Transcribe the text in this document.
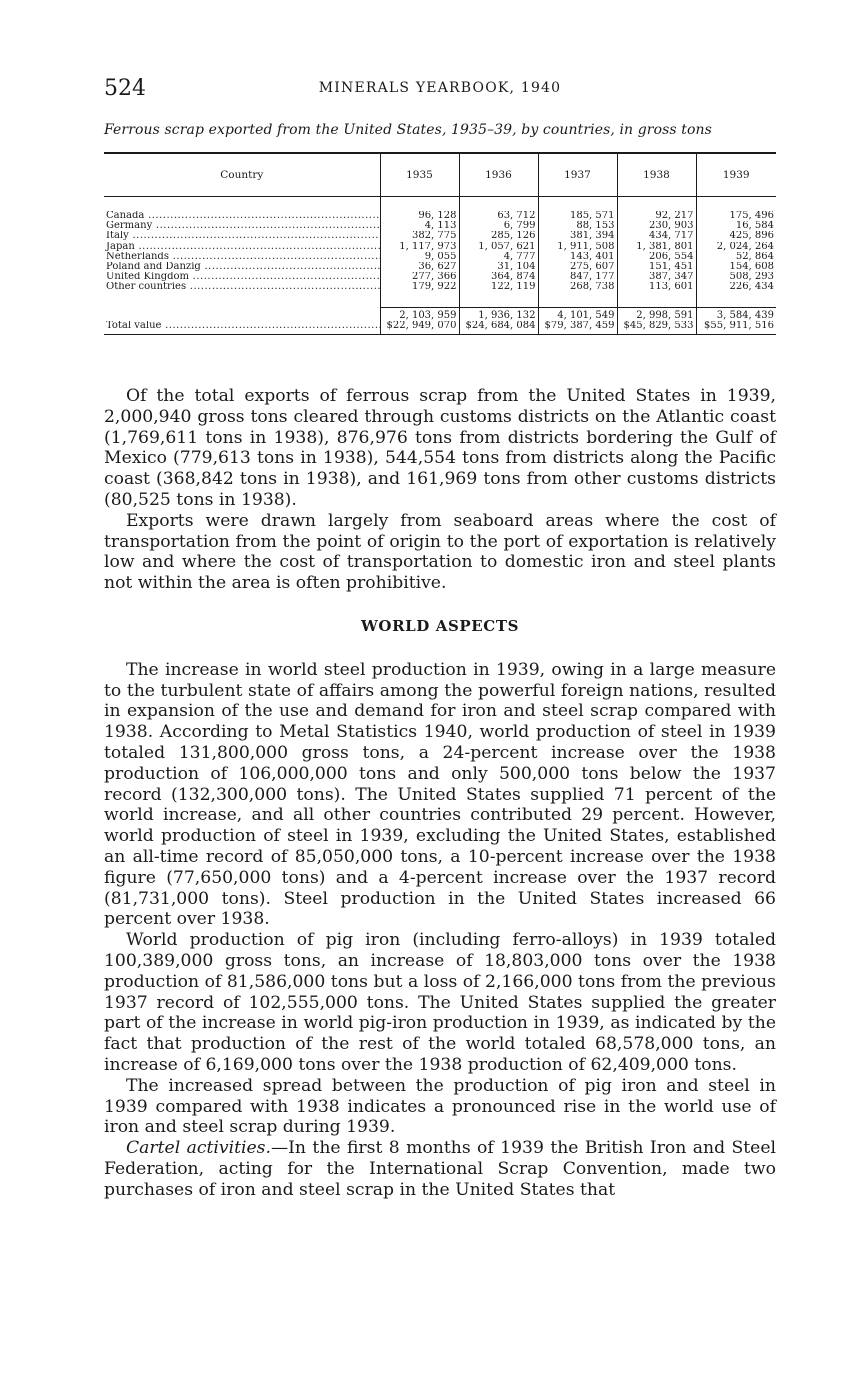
524	MINERALS YEARBOOK, 1940
Ferrous scrap exported from the United States, 1935–39, by countries, in gross tons
Country	1935	1936	1937	1938	1939

Canada .....	96, 128	63, 712	185, 571	92, 217	175, 496
Germany .....	4, 113	6, 799	88, 153	230, 903	16, 584
Italy .....	382, 775	285, 126	381, 394	434, 717	425, 896
Japan .....	1, 117, 973	1, 057, 621	1, 911, 508	1, 381, 801	2, 024, 264
Netherlands .....	9, 055	4, 777	143, 401	206, 554	52, 864
Poland and Danzig .....	36, 627	31, 104	275, 607	151, 451	154, 608
United Kingdom .....	277, 366	364, 874	847, 177	387, 347	508, 293
Other countries .....	179, 922	122, 119	268, 738	113, 601	226, 434

	2, 103, 959	1, 936, 132	4, 101, 549	2, 998, 591	3, 584, 439
Total value .....	$22, 949, 070	$24, 684, 084	$79, 387, 459	$45, 829, 533	$55, 911, 516

Of the total exports of ferrous scrap from the United States in 1939, 2,000,940 gross tons cleared through customs districts on the Atlantic coast (1,769,611 tons in 1938), 876,976 tons from districts bordering the Gulf of Mexico (779,613 tons in 1938), 544,554 tons from districts along the Pacific coast (368,842 tons in 1938), and 161,969 tons from other customs districts (80,525 tons in 1938).

Exports were drawn largely from seaboard areas where the cost of transportation from the point of origin to the port of exportation is relatively low and where the cost of transportation to domestic iron and steel plants not within the area is often prohibitive.

WORLD ASPECTS

The increase in world steel production in 1939, owing in a large measure to the turbulent state of affairs among the powerful foreign nations, resulted in expansion of the use and demand for iron and steel scrap compared with 1938. According to Metal Statistics 1940, world production of steel in 1939 totaled 131,800,000 gross tons, a 24-percent increase over the 1938 production of 106,000,000 tons and only 500,000 tons below the 1937 record (132,300,000 tons). The United States supplied 71 percent of the world increase, and all other countries contributed 29 percent. However, world production of steel in 1939, excluding the United States, established an all-time record of 85,050,000 tons, a 10-percent increase over the 1938 figure (77,650,000 tons) and a 4-percent increase over the 1937 record (81,731,000 tons). Steel production in the United States increased 66 percent over 1938.

World production of pig iron (including ferro-alloys) in 1939 totaled 100,389,000 gross tons, an increase of 18,803,000 tons over the 1938 production of 81,586,000 tons but a loss of 2,166,000 tons from the previous 1937 record of 102,555,000 tons. The United States supplied the greater part of the increase in world pig-iron production in 1939, as indicated by the fact that production of the rest of the world totaled 68,578,000 tons, an increase of 6,169,000 tons over the 1938 production of 62,409,000 tons.

The increased spread between the production of pig iron and steel in 1939 compared with 1938 indicates a pronounced rise in the world use of iron and steel scrap during 1939.

Cartel activities.—In the first 8 months of 1939 the British Iron and Steel Federation, acting for the International Scrap Convention, made two purchases of iron and steel scrap in the United States that
